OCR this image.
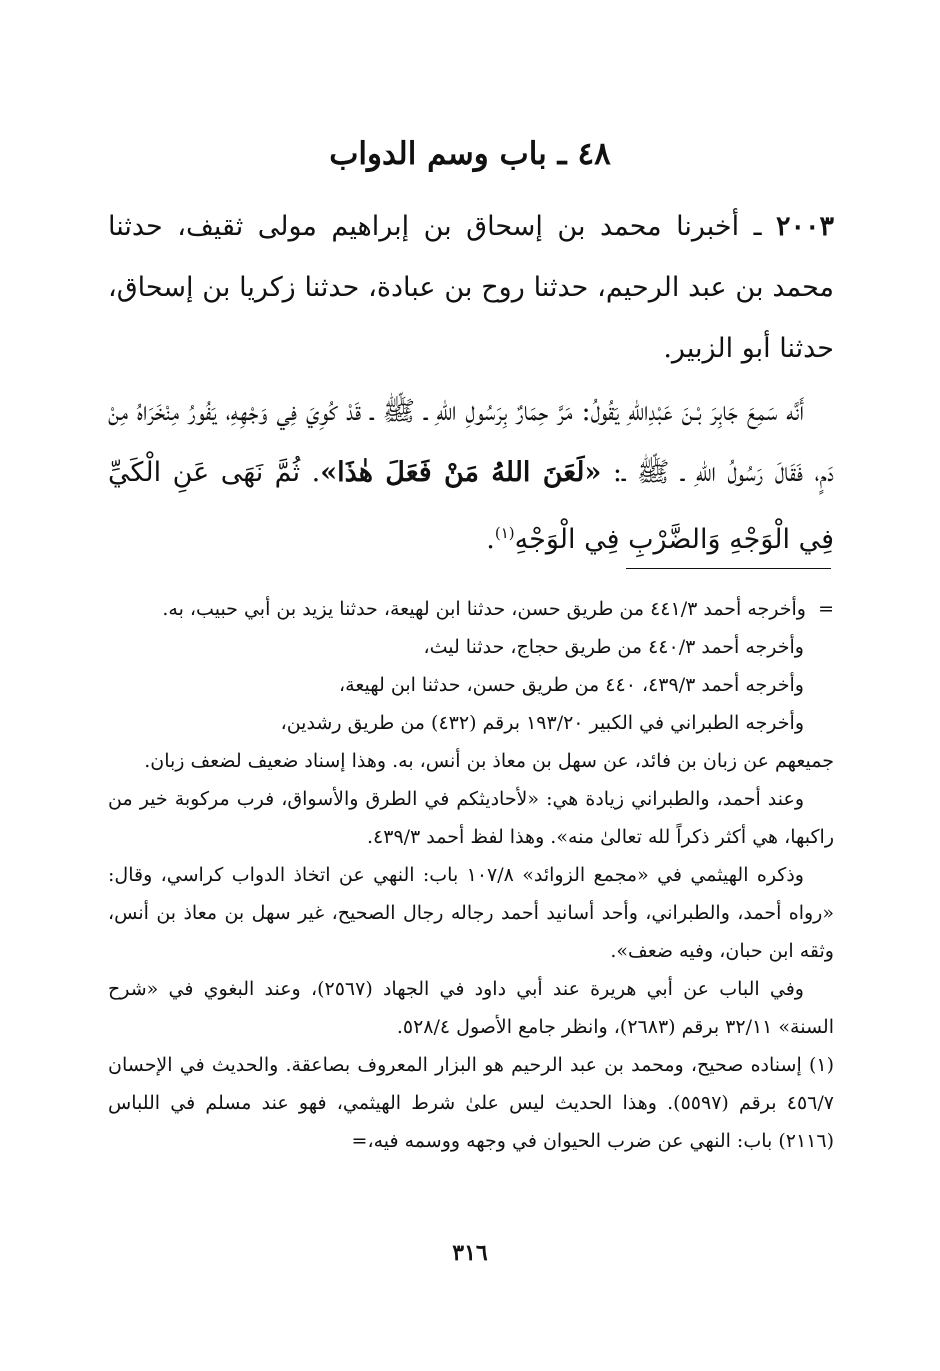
٤٨ ـ باب وسم الدواب

٢٠٠٣ ـ أخبرنا محمد بن إسحاق بن إبراهيم مولى ثقيف، حدثنا محمد بن عبد الرحيم، حدثنا روح بن عبادة، حدثنا زكريا بن إسحاق، حدثنا أبو الزبير.

أَنَّه سَمِعَ جَابِرَ بْـنَ عَبْدِاللهِ يَقُولُ: مَرَّ حِمَارٌ بِرَسُولِ اللهِ ـ ﷺ ـ قَدْ كُوِيَ فِي وَجْهِهِ، يَفُورُ مِنْخَرَاهُ مِنْ دَمٍ، فَقَالَ رَسُولُ اللهِ ـ ﷺ ـ: «لَعَنَ اللهُ مَنْ فَعَلَ هٰذَا». ثُمَّ نَهَى عَنِ الْكَيِّ فِي الْوَجْهِ وَالضَّرْبِ فِي الْوَجْهِ$^{(١)}$.

=وأخرجه أحمد ٤٤١/٣ من طريق حسن، حدثنا ابن لهيعة، حدثنا يزيد بن أبي حبيب، به.

وأخرجه أحمد ٤٤٠/٣ من طريق حجاج، حدثنا ليث،

وأخرجه أحمد ٤٣٩/٣، ٤٤٠ من طريق حسن، حدثنا ابن لهيعة،

وأخرجه الطبراني في الكبير ١٩٣/٢٠ برقم (٤٣٢) من طريق رشدين،

جميعهم عن زبان بن فائد، عن سهل بن معاذ بن أنس، به. وهذا إسناد ضعيف لضعف زبان.

وعند أحمد، والطبراني زيادة هي: «لأحاديثكم في الطرق والأسواق، فرب مركوبة خير من راكبها، هي أكثر ذكراً لله تعالىٰ منه». وهذا لفظ أحمد ٤٣٩/٣.

وذكره الهيثمي في «مجمع الزوائد» ١٠٧/٨ باب: النهي عن اتخاذ الدواب كراسي، وقال: «رواه أحمد، والطبراني، وأحد أسانيد أحمد رجاله رجال الصحيح، غير سهل بن معاذ بن أنس، وثقه ابن حبان، وفيه ضعف».

وفي الباب عن أبي هريرة عند أبي داود في الجهاد (٢٥٦٧)، وعند البغوي في «شرح السنة» ٣٢/١١ برقم (٢٦٨٣)، وانظر جامع الأصول ٥٢٨/٤.

(١) إسناده صحيح، ومحمد بن عبد الرحيم هو البزار المعروف بصاعقة. والحديث في الإحسان ٤٥٦/٧ برقم (٥٥٩٧). وهذا الحديث ليس علىٰ شرط الهيثمي، فهو عند مسلم في اللباس (٢١١٦) باب: النهي عن ضرب الحيوان في وجهه ووسمه فيه،=

٣١٦
